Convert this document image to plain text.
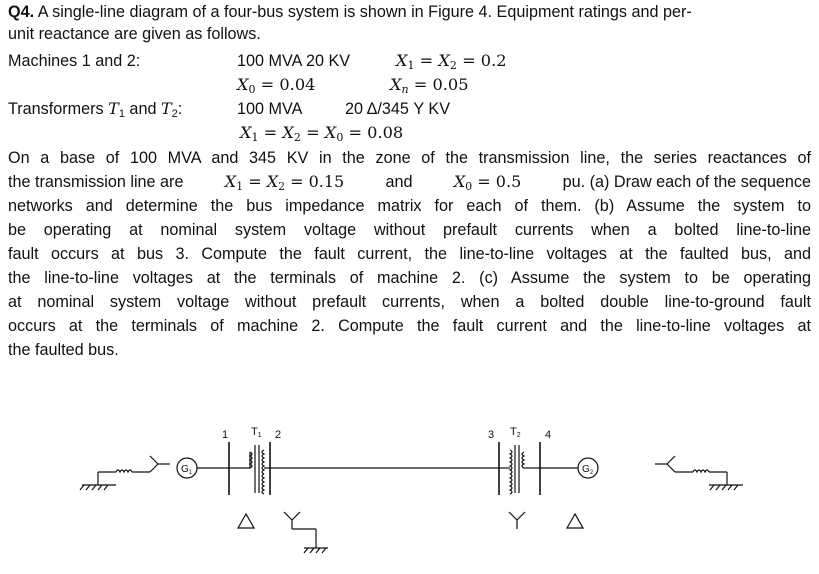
Q4. A single-line diagram of a four-bus system is shown in Figure 4. Equipment ratings and per-
unit reactance are given as follows.
Machines 1 and 2:	100 MVA 20 KV	$X_1 = X_2 = 0.2$
$X_0 = 0.04$	$X_n = 0.05$
Transformers $T_1$ and $T_2$:	100 MVA	20 Δ/345 Y KV
$X_1 = X_2 = X_0 = 0.08$
On a base of 100 MVA and 345 KV in the zone of the transmission line, the series reactances of
the transmission line are	$X_1 = X_2 = 0.15$	and	$X_0 = 0.5$	pu. (a) Draw each of the sequence
networks and determine the bus impedance matrix for each of them. (b) Assume the system to
be operating at nominal system voltage without prefault currents when a bolted line-to-line
fault occurs at bus 3. Compute the fault current, the line-to-line voltages at the faulted bus, and
the line-to-line voltages at the terminals of machine 2. (c) Assume the system to be operating
at nominal system voltage without prefault currents, when a bolted double line-to-ground fault
occurs at the terminals of machine 2. Compute the fault current and the line-to-line voltages at
the faulted bus.
1	2	3	4
T1	T2
$G_1$	$G_2$
